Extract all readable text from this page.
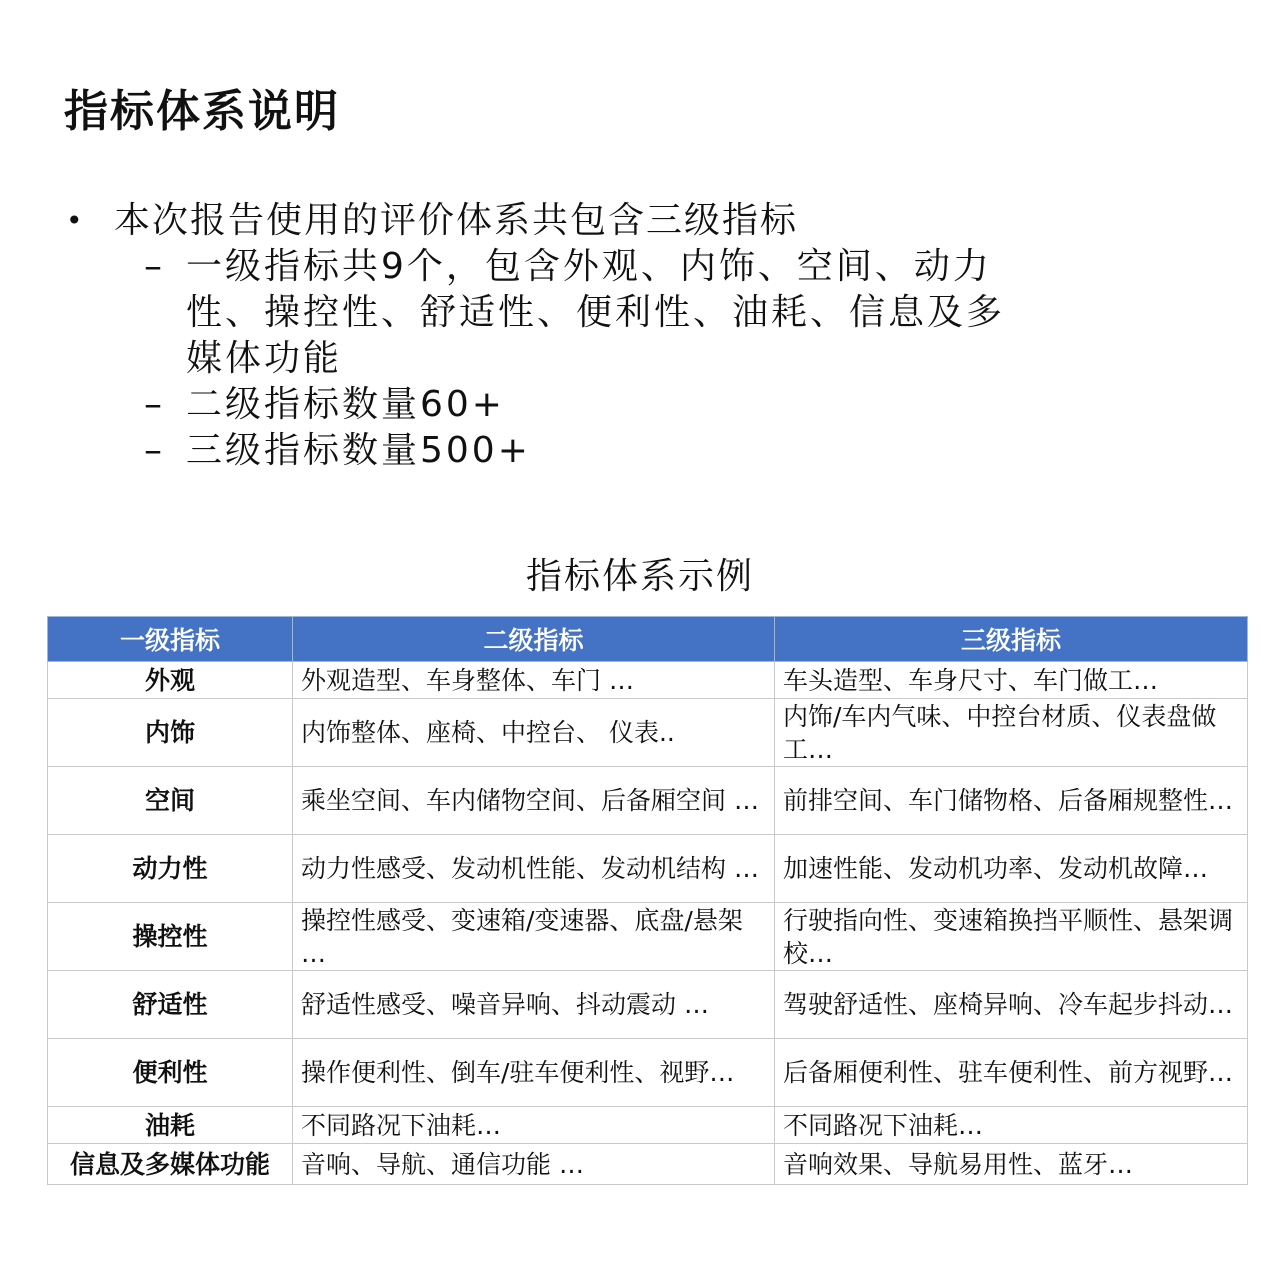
指标体系说明
• 本次报告使用的评价体系共包含三级指标
– 一级指标共9个，包含外观、内饰、空间、动力性、操控性、舒适性、便利性、油耗、信息及多媒体功能
– 二级指标数量60+
– 三级指标数量500+
指标体系示例
一级指标	二级指标	三级指标
外观	外观造型、车身整体、车门 …	车头造型、车身尺寸、车门做工…
内饰	内饰整体、座椅、中控台、 仪表..	内饰/车内气味、中控台材质、仪表盘做工…
空间	乘坐空间、车内储物空间、后备厢空间 …	前排空间、车门储物格、后备厢规整性…
动力性	动力性感受、发动机性能、发动机结构 …	加速性能、发动机功率、发动机故障…
操控性	操控性感受、变速箱/变速器、底盘/悬架 …	行驶指向性、变速箱换挡平顺性、悬架调校…
舒适性	舒适性感受、噪音异响、抖动震动 …	驾驶舒适性、座椅异响、冷车起步抖动…
便利性	操作便利性、倒车/驻车便利性、视野…	后备厢便利性、驻车便利性、前方视野…
油耗	不同路况下油耗…	不同路况下油耗…
信息及多媒体功能	音响、导航、通信功能 …	音响效果、导航易用性、蓝牙…
